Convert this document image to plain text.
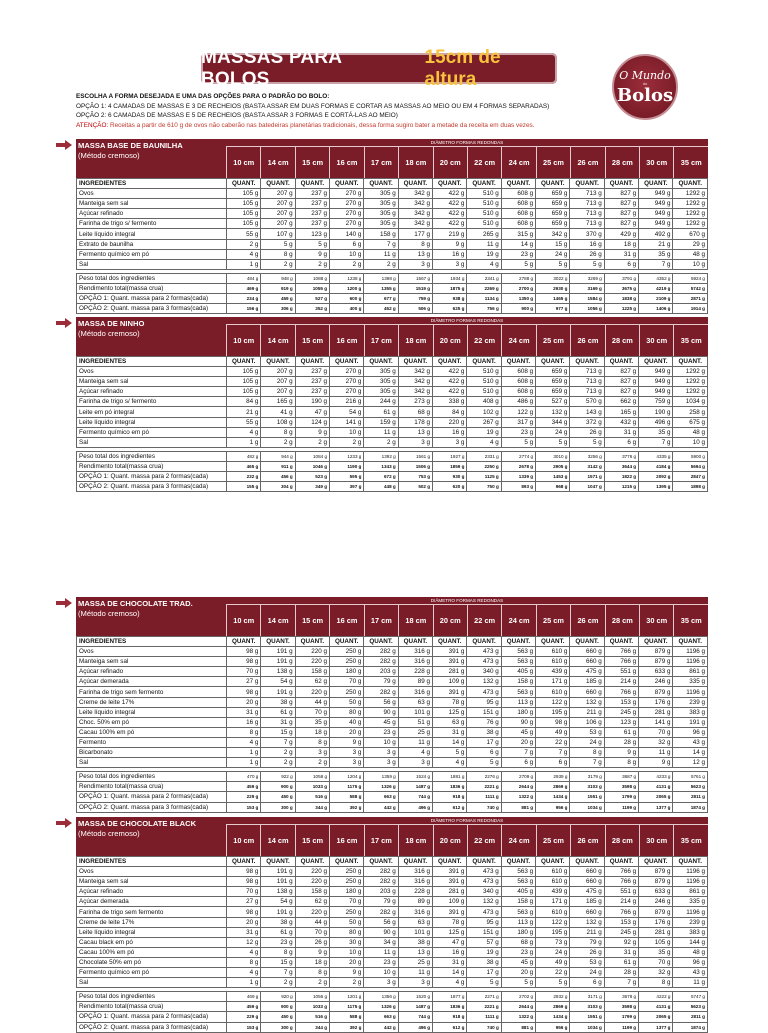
MASSAS PARA BOLOS
15cm de altura	O Mundo
do
Bolos
ESCOLHA A FORMA DESEJADA E UMA DAS OPÇÕES PARA O PADRÃO DO BOLO:
OPÇÃO 1: 4 CAMADAS DE MASSAS E 3 DE RECHEIOS (BASTA ASSAR EM DUAS FORMAS E CORTAR AS MASSAS AO MEIO OU EM 4 FORMAS SEPARADAS)
OPÇÃO 2: 6 CAMADAS DE MASSAS E 5 DE RECHEIOS (BASTA ASSAR 3 FORMAS E CORTÁ-LAS AO MEIO)
ATENÇÃO: Receitas a partir de 610 g de ovos não caberão nas batedeiras planetárias tradicionais, dessa forma sugiro bater a metade da receita em duas vezes.
MASSA BASE DE BAUNILHA
(Método cremoso)
DIÂMETRO FORMAS REDONDAS
10 cm	14 cm	15 cm	16 cm	17 cm	18 cm	20 cm	22 cm	24 cm	25 cm	26 cm	28 cm	30 cm	35 cm
INGREDIENTES	QUANT.	QUANT.	QUANT.	QUANT.	QUANT.	QUANT.	QUANT.	QUANT.	QUANT.	QUANT.	QUANT.	QUANT.	QUANT.	QUANT.
Ovos	105 g	207 g	237 g	270 g	305 g	342 g	422 g	510 g	608 g	659 g	713 g	827 g	949 g	1292 g
Manteiga sem sal	105 g	207 g	237 g	270 g	305 g	342 g	422 g	510 g	608 g	659 g	713 g	827 g	949 g	1292 g
Açúcar refinado	105 g	207 g	237 g	270 g	305 g	342 g	422 g	510 g	608 g	659 g	713 g	827 g	949 g	1292 g
Farinha de trigo s/ fermento	105 g	207 g	237 g	270 g	305 g	342 g	422 g	510 g	608 g	659 g	713 g	827 g	949 g	1292 g
Leite líquido integral	55 g	107 g	123 g	140 g	158 g	177 g	219 g	265 g	315 g	342 g	370 g	429 g	492 g	670 g
Extrato de baunilha	2 g	5 g	5 g	6 g	7 g	8 g	9 g	11 g	14 g	15 g	16 g	18 g	21 g	29 g
Fermento químico em pó	4 g	8 g	9 g	10 g	11 g	13 g	16 g	19 g	23 g	24 g	26 g	31 g	35 g	48 g
Sal	1 g	2 g	2 g	2 g	2 g	3 g	3 g	4 g	5 g	5 g	5 g	6 g	7 g	10 g

Peso total dos ingredientes	484 g	948 g	1088 g	1238 g	1398 g	1567 g	1934 g	2341 g	2788 g	3022 g	3269 g	3791 g	4352 g	5924 g
Rendimento total(massa crua)	469 g	919 g	1055 g	1200 g	1355 g	1519 g	1875 g	2269 g	2700 g	2930 g	3169 g	3675 g	4219 g	5742 g
OPÇÃO 1: Quant. massa para 2 formas(cada)	234 g	459 g	527 g	600 g	677 g	759 g	938 g	1134 g	1350 g	1465 g	1584 g	1838 g	2109 g	2871 g
OPÇÃO 2: Quant. massa para 3 formas(cada)	156 g	306 g	352 g	400 g	452 g	506 g	625 g	756 g	900 g	977 g	1056 g	1225 g	1406 g	1914 g
MASSA DE NINHO
(Método cremoso)
DIÂMETRO FORMAS REDONDAS
10 cm	14 cm	15 cm	16 cm	17 cm	18 cm	20 cm	22 cm	24 cm	25 cm	26 cm	28 cm	30 cm	35 cm
INGREDIENTES	QUANT.	QUANT.	QUANT.	QUANT.	QUANT.	QUANT.	QUANT.	QUANT.	QUANT.	QUANT.	QUANT.	QUANT.	QUANT.	QUANT.
Ovos	105 g	207 g	237 g	270 g	305 g	342 g	422 g	510 g	608 g	659 g	713 g	827 g	949 g	1292 g
Manteiga sem sal	105 g	207 g	237 g	270 g	305 g	342 g	422 g	510 g	608 g	659 g	713 g	827 g	949 g	1292 g
Açúcar refinado	105 g	207 g	237 g	270 g	305 g	342 g	422 g	510 g	608 g	659 g	713 g	827 g	949 g	1292 g
Farinha de trigo s/ fermento	84 g	165 g	190 g	216 g	244 g	273 g	338 g	408 g	486 g	527 g	570 g	662 g	759 g	1034 g
Leite em pó integral	21 g	41 g	47 g	54 g	61 g	68 g	84 g	102 g	122 g	132 g	143 g	165 g	190 g	258 g
Leite líquido integral	55 g	108 g	124 g	141 g	159 g	178 g	220 g	267 g	317 g	344 g	372 g	432 g	496 g	675 g
Fermento químico em pó	4 g	8 g	9 g	10 g	11 g	13 g	16 g	19 g	23 g	24 g	26 g	31 g	35 g	48 g
Sal	1 g	2 g	2 g	2 g	2 g	3 g	3 g	4 g	5 g	5 g	5 g	6 g	7 g	10 g

Peso total dos ingredientes	482 g	944 g	1084 g	1233 g	1392 g	1561 g	1927 g	2331 g	2774 g	3010 g	3256 g	3776 g	4335 g	5900 g
Rendimento total(massa crua)	465 g	911 g	1046 g	1190 g	1343 g	1506 g	1859 g	2250 g	2678 g	2905 g	3142 g	3644 g	4184 g	5694 g
OPÇÃO 1: Quant. massa para 2 formas(cada)	232 g	456 g	523 g	595 g	672 g	753 g	930 g	1125 g	1339 g	1453 g	1571 g	1822 g	2092 g	2847 g
OPÇÃO 2: Quant. massa para 3 formas(cada)	155 g	304 g	349 g	397 g	448 g	502 g	620 g	750 g	893 g	968 g	1047 g	1215 g	1395 g	1898 g
MASSA DE CHOCOLATE TRAD.
(Método cremoso)
DIÂMETRO FORMAS REDONDAS
10 cm	14 cm	15 cm	16 cm	17 cm	18 cm	20 cm	22 cm	24 cm	25 cm	26 cm	28 cm	30 cm	35 cm
INGREDIENTES	QUANT.	QUANT.	QUANT.	QUANT.	QUANT.	QUANT.	QUANT.	QUANT.	QUANT.	QUANT.	QUANT.	QUANT.	QUANT.	QUANT.
Ovos	98 g	191 g	220 g	250 g	282 g	316 g	391 g	473 g	563 g	610 g	660 g	766 g	879 g	1196 g
Manteiga sem sal	98 g	191 g	220 g	250 g	282 g	316 g	391 g	473 g	563 g	610 g	660 g	766 g	879 g	1196 g
Açúcar refinado	70 g	138 g	158 g	180 g	203 g	228 g	281 g	340 g	405 g	439 g	475 g	551 g	633 g	861 g
Açúcar demerada	27 g	54 g	62 g	70 g	79 g	89 g	109 g	132 g	158 g	171 g	185 g	214 g	246 g	335 g
Farinha de trigo sem fermento	98 g	191 g	220 g	250 g	282 g	316 g	391 g	473 g	563 g	610 g	660 g	766 g	879 g	1196 g
Creme de leite 17%	20 g	38 g	44 g	50 g	56 g	63 g	78 g	95 g	113 g	122 g	132 g	153 g	176 g	239 g
Leite líquido integral	31 g	61 g	70 g	80 g	90 g	101 g	125 g	151 g	180 g	195 g	211 g	245 g	281 g	383 g
Choc. 50% em pó	16 g	31 g	35 g	40 g	45 g	51 g	63 g	76 g	90 g	98 g	106 g	123 g	141 g	191 g
Cacau 100% em pó	8 g	15 g	18 g	20 g	23 g	25 g	31 g	38 g	45 g	49 g	53 g	61 g	70 g	96 g
Fermento	4 g	7 g	8 g	9 g	10 g	11 g	14 g	17 g	20 g	22 g	24 g	28 g	32 g	43 g
Bicarbonato	1 g	2 g	3 g	3 g	3 g	4 g	5 g	6 g	7 g	7 g	8 g	9 g	11 g	14 g
Sal	1 g	2 g	2 g	3 g	3 g	3 g	4 g	5 g	6 g	6 g	7 g	8 g	9 g	12 g

Peso total dos ingredientes	470 g	922 g	1058 g	1204 g	1359 g	1524 g	1881 g	2276 g	2709 g	2939 g	3179 g	3687 g	4233 g	5761 g
Rendimento total(massa crua)	459 g	900 g	1033 g	1175 g	1326 g	1487 g	1836 g	2221 g	2644 g	2869 g	3103 g	3598 g	4131 g	5623 g
OPÇÃO 1: Quant. massa para 2 formas(cada)	229 g	450 g	516 g	588 g	663 g	744 g	918 g	1111 g	1322 g	1434 g	1551 g	1799 g	2065 g	2811 g
OPÇÃO 2: Quant. massa para 3 formas(cada)	153 g	300 g	344 g	392 g	442 g	496 g	612 g	740 g	881 g	956 g	1034 g	1199 g	1377 g	1874 g
MASSA DE CHOCOLATE BLACK
(Método cremoso)
DIÂMETRO FORMAS REDONDAS
10 cm	14 cm	15 cm	16 cm	17 cm	18 cm	20 cm	22 cm	24 cm	25 cm	26 cm	28 cm	30 cm	35 cm
INGREDIENTES	QUANT.	QUANT.	QUANT.	QUANT.	QUANT.	QUANT.	QUANT.	QUANT.	QUANT.	QUANT.	QUANT.	QUANT.	QUANT.	QUANT.
Ovos	98 g	191 g	220 g	250 g	282 g	316 g	391 g	473 g	563 g	610 g	660 g	766 g	879 g	1196 g
Manteiga sem sal	98 g	191 g	220 g	250 g	282 g	316 g	391 g	473 g	563 g	610 g	660 g	766 g	879 g	1196 g
Açúcar refinado	70 g	138 g	158 g	180 g	203 g	228 g	281 g	340 g	405 g	439 g	475 g	551 g	633 g	861 g
Açúcar demerada	27 g	54 g	62 g	70 g	79 g	89 g	109 g	132 g	158 g	171 g	185 g	214 g	246 g	335 g
Farinha de trigo sem fermento	98 g	191 g	220 g	250 g	282 g	316 g	391 g	473 g	563 g	610 g	660 g	766 g	879 g	1196 g
Creme de leite 17%	20 g	38 g	44 g	50 g	56 g	63 g	78 g	95 g	113 g	122 g	132 g	153 g	176 g	239 g
Leite líquido integral	31 g	61 g	70 g	80 g	90 g	101 g	125 g	151 g	180 g	195 g	211 g	245 g	281 g	383 g
Cacau black em pó	12 g	23 g	26 g	30 g	34 g	38 g	47 g	57 g	68 g	73 g	79 g	92 g	105 g	144 g
Cacau 100% em pó	4 g	8 g	9 g	10 g	11 g	13 g	16 g	19 g	23 g	24 g	26 g	31 g	35 g	48 g
Chocolate 50% em pó	8 g	15 g	18 g	20 g	23 g	25 g	31 g	38 g	45 g	49 g	53 g	61 g	70 g	96 g
Fermento químico em pó	4 g	7 g	8 g	9 g	10 g	11 g	14 g	17 g	20 g	22 g	24 g	28 g	32 g	43 g
Sal	1 g	2 g	2 g	2 g	3 g	3 g	4 g	5 g	5 g	5 g	6 g	7 g	8 g	11 g

Peso total dos ingredientes	469 g	920 g	1056 g	1201 g	1356 g	1520 g	1877 g	2271 g	2702 g	2932 g	3171 g	3678 g	4222 g	5747 g
Rendimento total(massa crua)	459 g	900 g	1033 g	1175 g	1326 g	1487 g	1836 g	2221 g	2644 g	2869 g	3103 g	3598 g	4131 g	5623 g
OPÇÃO 1: Quant. massa para 2 formas(cada)	229 g	450 g	516 g	588 g	663 g	744 g	918 g	1111 g	1322 g	1434 g	1551 g	1799 g	2065 g	2811 g
OPÇÃO 2: Quant. massa para 3 formas(cada)	153 g	300 g	344 g	392 g	442 g	496 g	612 g	740 g	881 g	956 g	1034 g	1199 g	1377 g	1874 g
